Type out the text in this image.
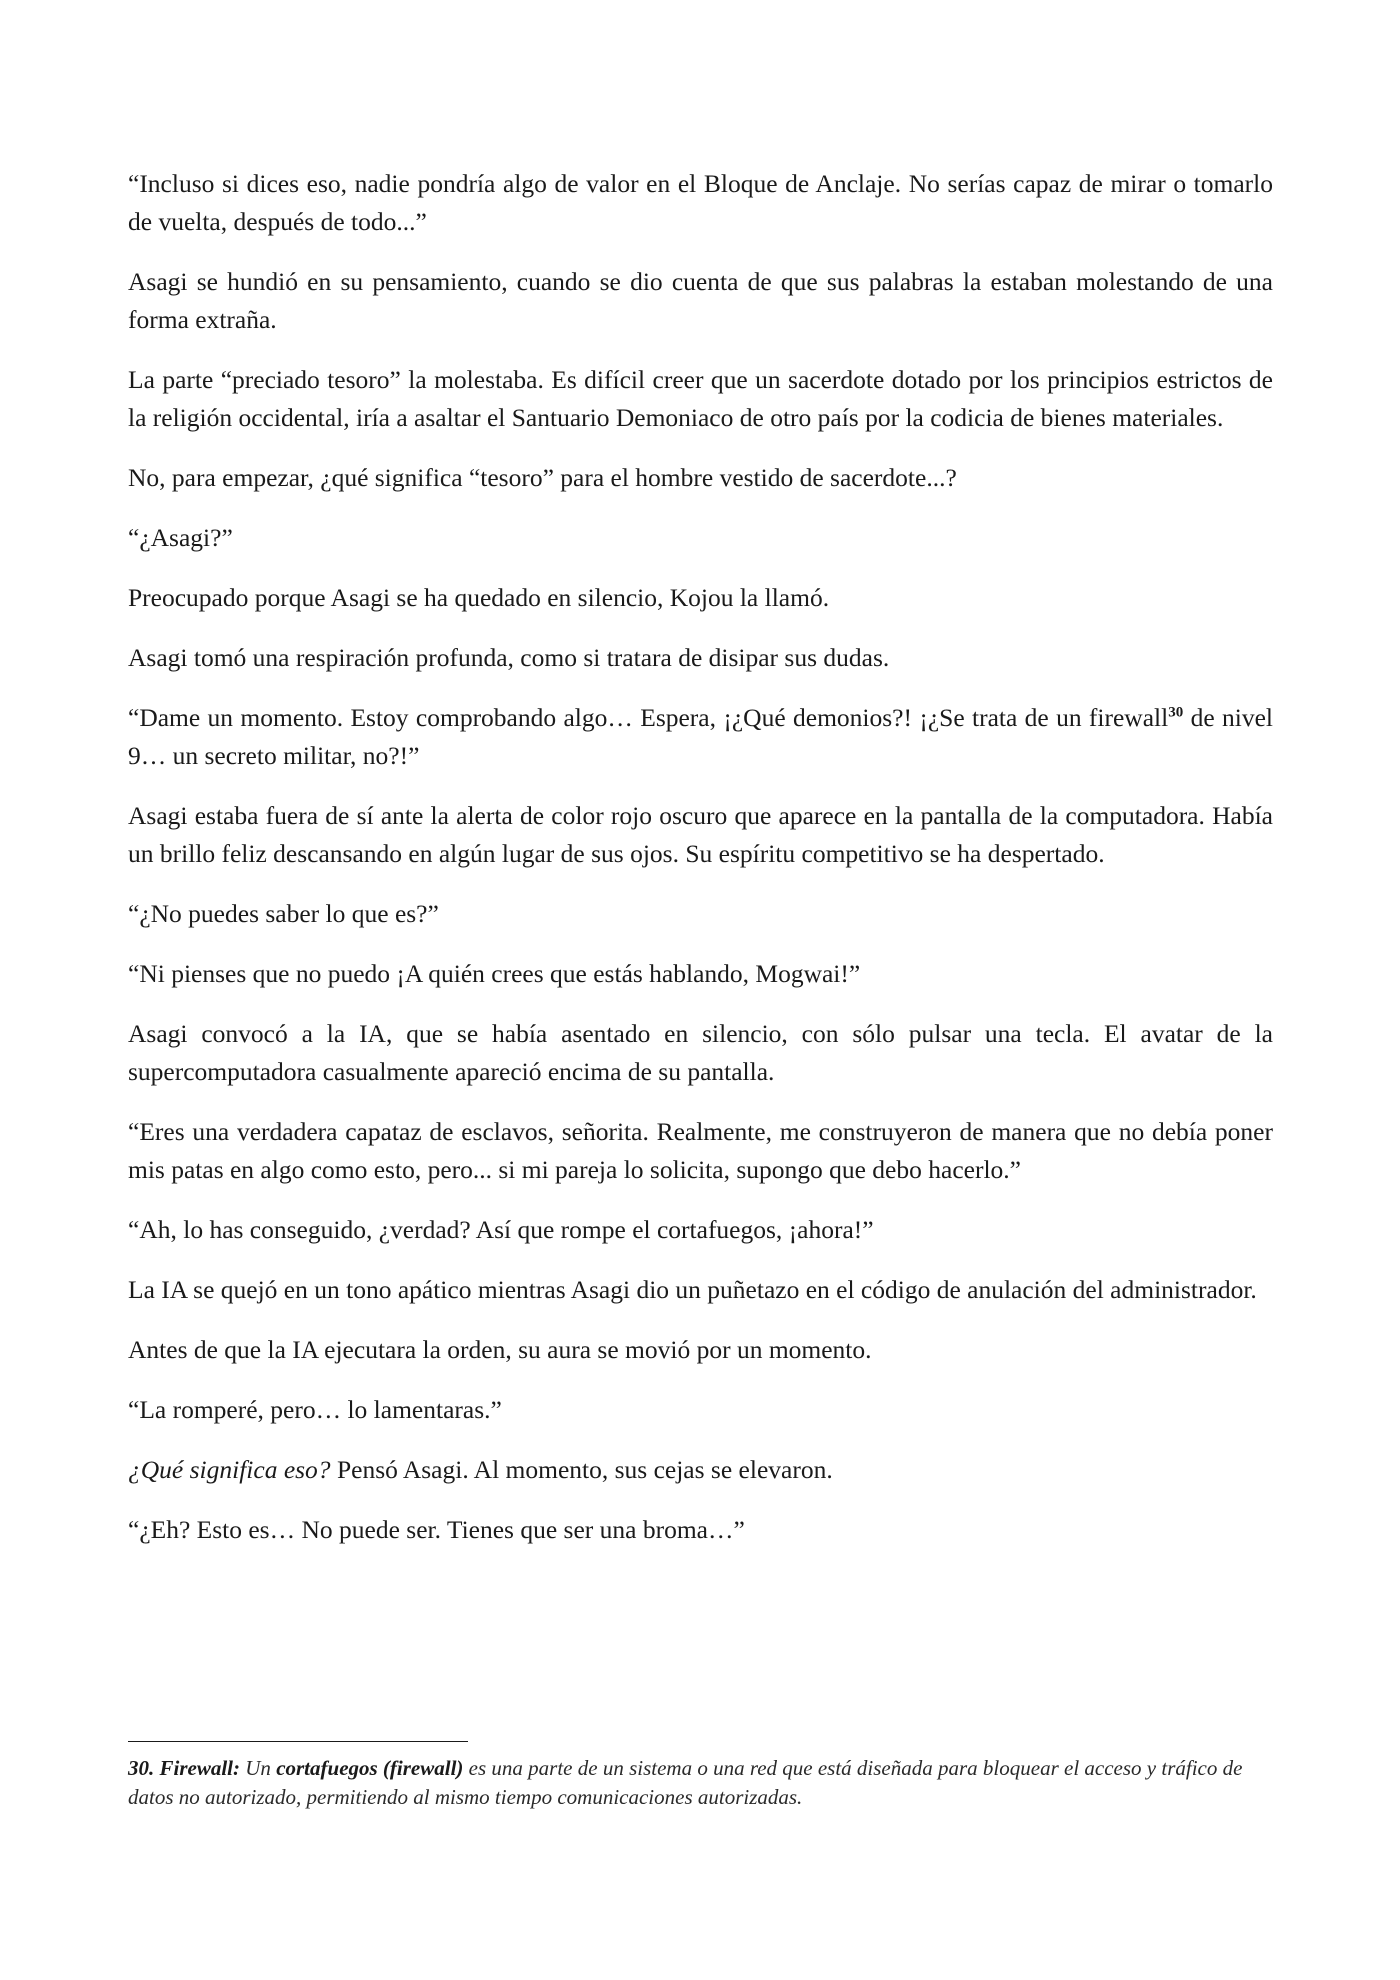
“Incluso si dices eso, nadie pondría algo de valor en el Bloque de Anclaje. No serías capaz de mirar o tomarlo de vuelta, después de todo...”

Asagi se hundió en su pensamiento, cuando se dio cuenta de que sus palabras la estaban molestando de una forma extraña.

La parte “preciado tesoro” la molestaba. Es difícil creer que un sacerdote dotado por los principios estrictos de la religión occidental, iría a asaltar el Santuario Demoniaco de otro país por la codicia de bienes materiales.

No, para empezar, ¿qué significa “tesoro” para el hombre vestido de sacerdote...?

“¿Asagi?”

Preocupado porque Asagi se ha quedado en silencio, Kojou la llamó.

Asagi tomó una respiración profunda, como si tratara de disipar sus dudas.

“Dame un momento. Estoy comprobando algo… Espera, ¡¿Qué demonios?! ¡¿Se trata de un firewall$^{30}$ de nivel 9… un secreto militar, no?!”

Asagi estaba fuera de sí ante la alerta de color rojo oscuro que aparece en la pantalla de la computadora. Había un brillo feliz descansando en algún lugar de sus ojos. Su espíritu competitivo se ha despertado.

“¿No puedes saber lo que es?”

“Ni pienses que no puedo ¡A quién crees que estás hablando, Mogwai!”

Asagi convocó a la IA, que se había asentado en silencio, con sólo pulsar una tecla. El avatar de la supercomputadora casualmente apareció encima de su pantalla.

“Eres una verdadera capataz de esclavos, señorita. Realmente, me construyeron de manera que no debía poner mis patas en algo como esto, pero... si mi pareja lo solicita, supongo que debo hacerlo.”

“Ah, lo has conseguido, ¿verdad? Así que rompe el cortafuegos, ¡ahora!”

La IA se quejó en un tono apático mientras Asagi dio un puñetazo en el código de anulación del administrador.

Antes de que la IA ejecutara la orden, su aura se movió por un momento.

“La romperé, pero… lo lamentaras.”

¿Qué significa eso? Pensó Asagi. Al momento, sus cejas se elevaron.

“¿Eh? Esto es… No puede ser. Tienes que ser una broma…”

30. Firewall: Un cortafuegos (firewall) es una parte de un sistema o una red que está diseñada para bloquear el acceso y tráfico de datos no autorizado, permitiendo al mismo tiempo comunicaciones autorizadas.
